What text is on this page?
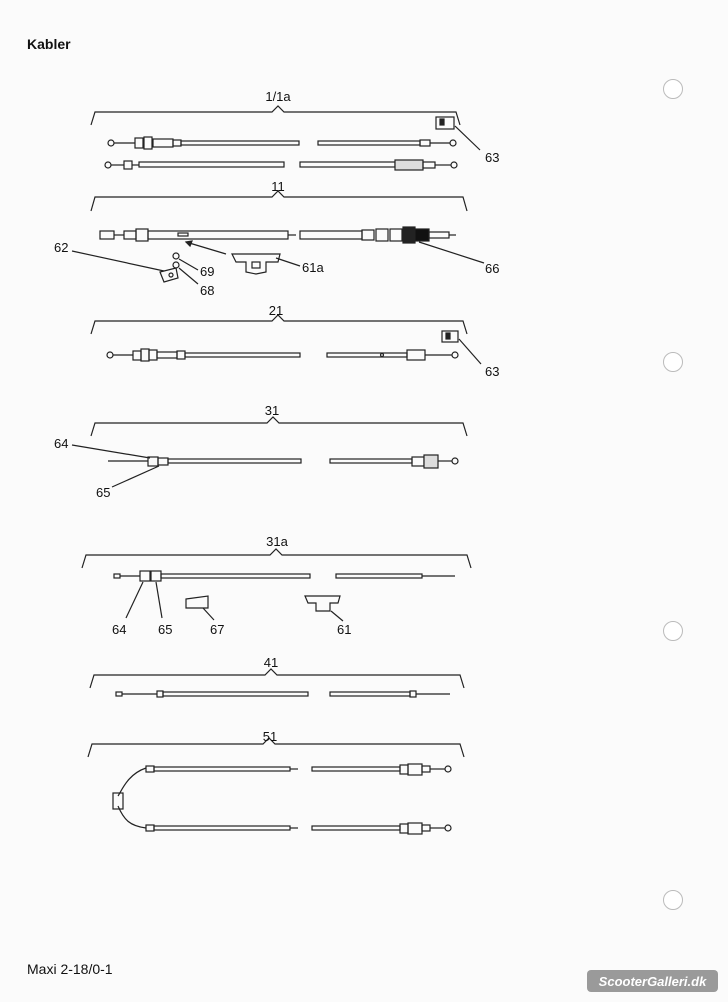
Kabler
Maxi 2-18/0-1
ScooterGalleri.dk
1/1a
63
11
61a
62
69
68
66
21
63
31
64
65
31a
64 65	67	61
41
51
